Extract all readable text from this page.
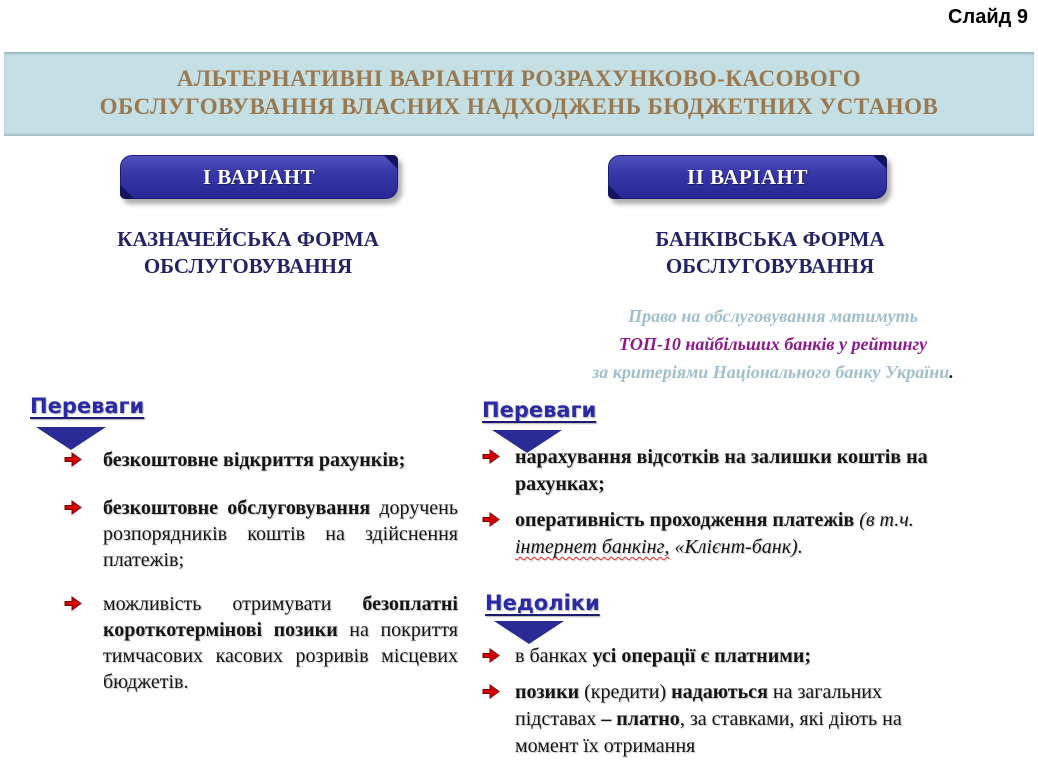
Слайд 9
АЛЬТЕРНАТИВНІ ВАРІАНТИ РОЗРАХУНКОВО-КАСОВОГО
ОБСЛУГОВУВАННЯ ВЛАСНИХ НАДХОДЖЕНЬ БЮДЖЕТНИХ УСТАНОВ
І ВАРІАНТ	ІІ ВАРІАНТ
КАЗНАЧЕЙСЬКА ФОРМА
ОБСЛУГОВУВАННЯ
БАНКІВСЬКА ФОРМА
ОБСЛУГОВУВАННЯ
Право на обслуговування матимуть
ТОП-10 найбільших банків у рейтингу
за критеріями Національного банку України.
Переваги
безкоштовне відкриття рахунків;
безкоштовне обслуговування доручень розпорядників коштів на здійснення платежів;
можливість отримувати безоплатні короткотермінові позики на покриття тимчасових касових розривів місцевих бюджетів.
Переваги
нарахування відсотків на залишки коштів на рахунках;
оперативність проходження платежів (в т.ч. інтернет банкінг, «Клієнт-банк).
Недоліки
в банках усі операції є платними;
позики (кредити) надаються на загальних підставах – платно, за ставками, які діють на момент їх отримання
